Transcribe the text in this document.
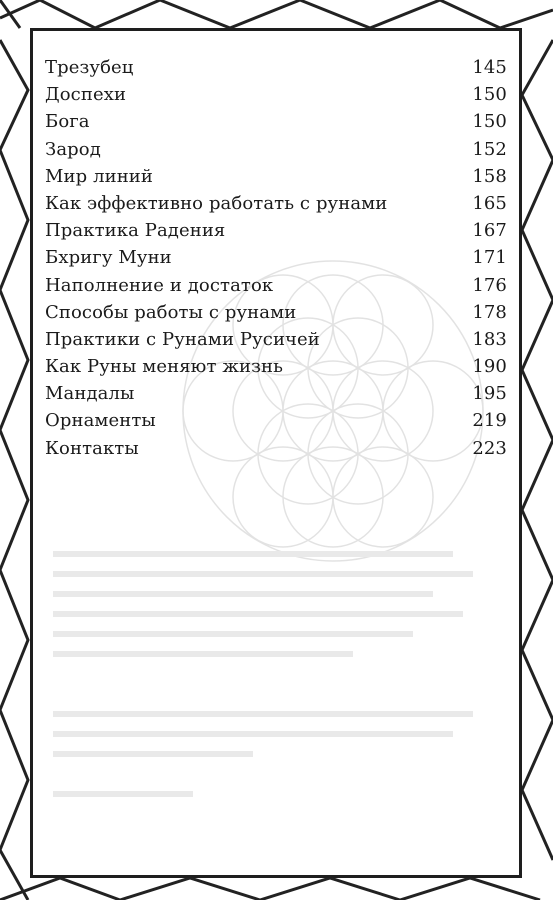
Трезубец	145
Доспехи	150
Бога	150
Зарод	152
Мир линий	158
Как эффективно работать с рунами	165
Практика Радения	167
Бхригу Муни	171
Наполнение и достаток	176
Способы работы с рунами	178
Практики с Рунами Русичей	183
Как Руны меняют жизнь	190
Мандалы	195
Орнаменты	219
Контакты	223
